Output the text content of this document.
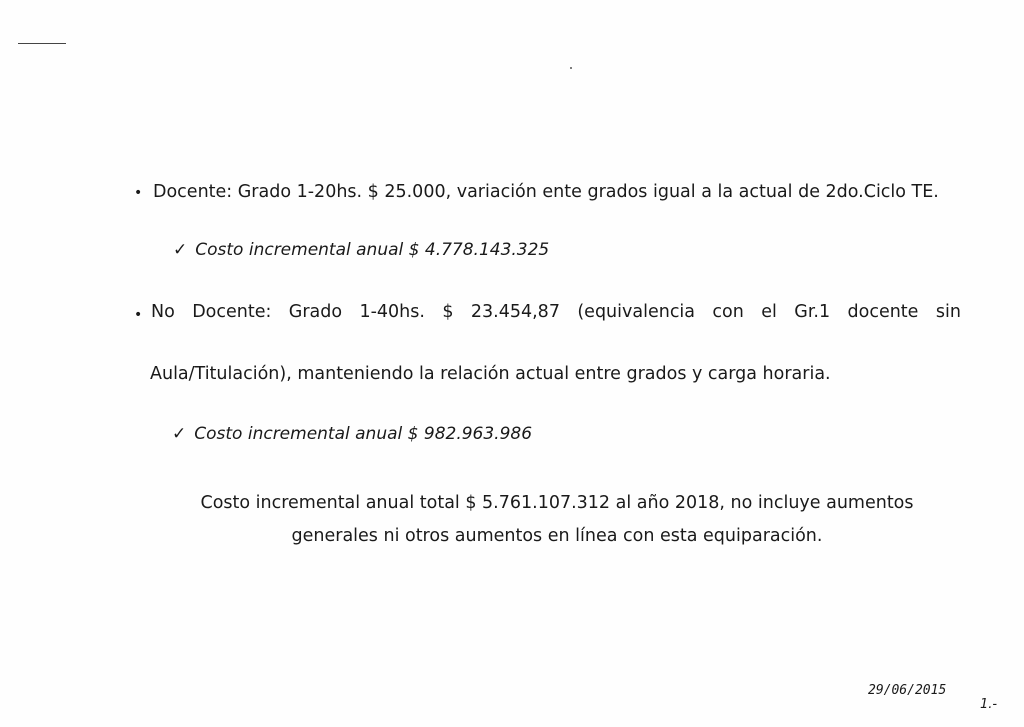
• Docente: Grado 1-20hs. $ 25.000, variación ente grados igual a la actual de 2do.Ciclo TE.
✓ Costo incremental anual $ 4.778.143.325
• No Docente: Grado 1-40hs. $ 23.454,87 (equivalencia con el Gr.1 docente sin
Aula/Titulación), manteniendo la relación actual entre grados y carga horaria.
✓ Costo incremental anual $ 982.963.986
Costo incremental anual total $ 5.761.107.312 al año 2018, no incluye aumentos
generales ni otros aumentos en línea con esta equiparación.
29/06/2015
1.-
